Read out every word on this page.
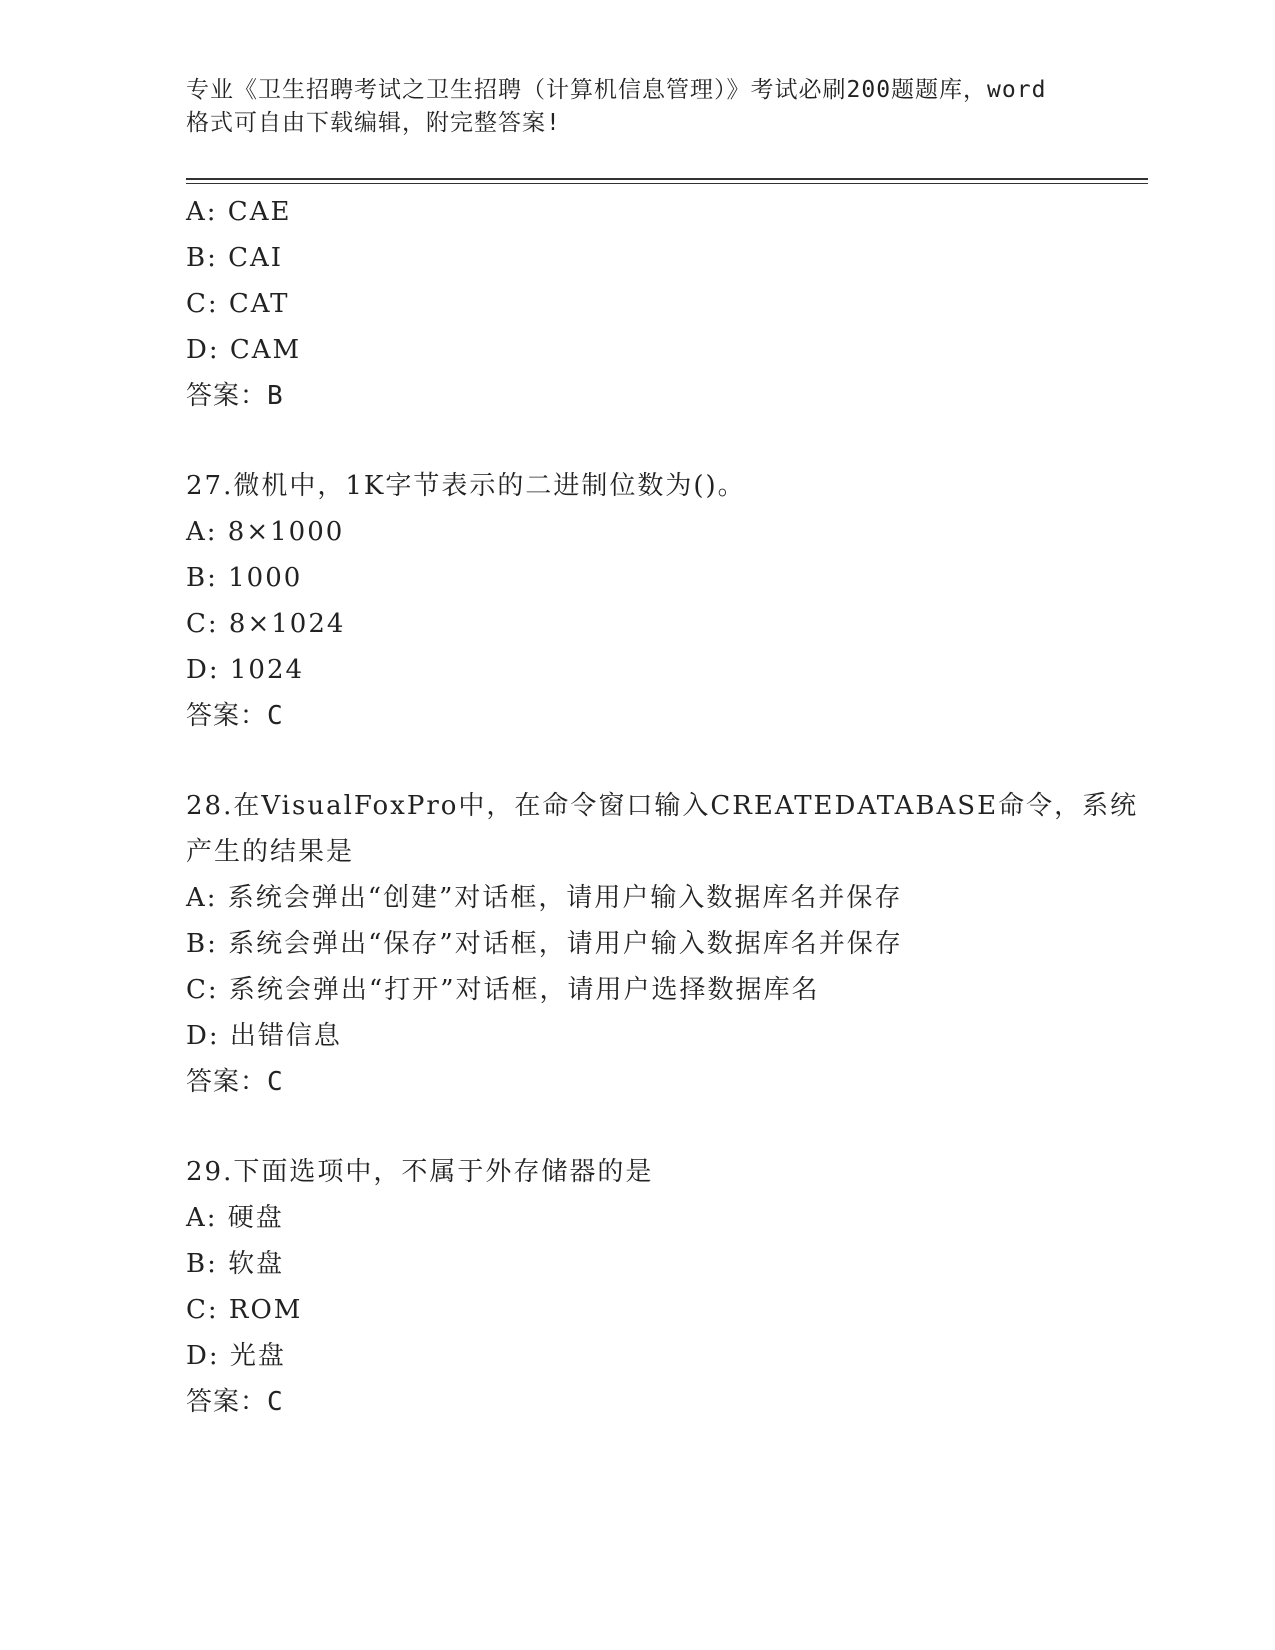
专业《卫生招聘考试之卫生招聘（计算机信息管理）》考试必刷200题题库，word
格式可自由下载编辑，附完整答案!
A: CAE
B: CAI
C: CAT
D: CAM
答案：B
27.微机中，1K字节表示的二进制位数为()。
A: 8×1000
B: 1000
C: 8×1024
D: 1024
答案：C
28.在VisualFoxPro中，在命令窗口输入CREATEDATABASE命令，系统
产生的结果是
A: 系统会弹出“创建”对话框，请用户输入数据库名并保存
B: 系统会弹出“保存”对话框，请用户输入数据库名并保存
C: 系统会弹出“打开”对话框，请用户选择数据库名
D: 出错信息
答案：C
29.下面选项中，不属于外存储器的是
A: 硬盘
B: 软盘
C: ROM
D: 光盘
答案：C
